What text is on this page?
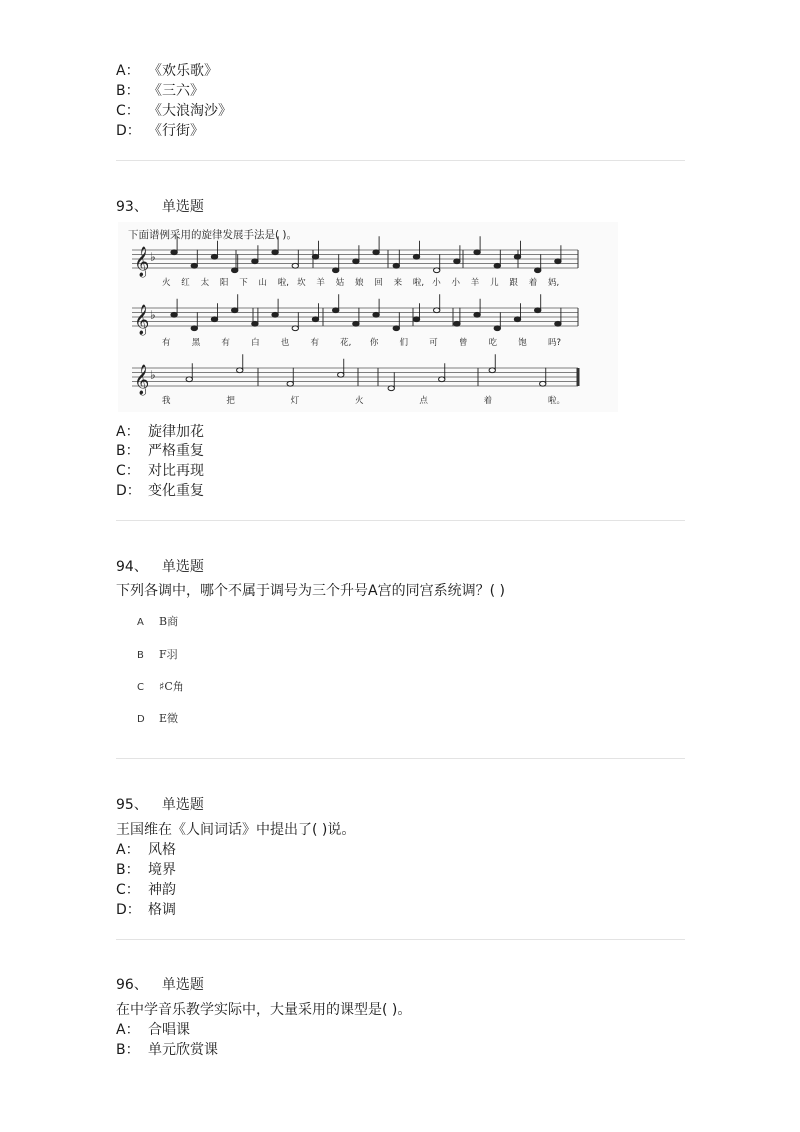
A： 《欢乐歌》
B： 《三六》
C： 《大浪淘沙》
D： 《行街》
93、 单选题
下面谱例采用的旋律发展手法是( )。
𝄞 ♭
𝄞 ♭
𝄞 ♭
火 红 太 阳 下 山 啦, 坎 羊 姑 娘 回 来 啦, 小 小 羊 儿 跟 着 妈,
有 黑 有 白 也 有 花, 你 们 可 曾 吃 饱 吗?
我	把	灯	火	点	着	啦。
A： 旋律加花
B： 严格重复
C： 对比再现
D： 变化重复
94、 单选题
下列各调中，哪个不属于调号为三个升号A宫的同宫系统调？( )
A B商
B F羽
C ♯C角
D E徵
95、 单选题
王国维在《人间词话》中提出了( )说。
A： 风格
B： 境界
C： 神韵
D： 格调
96、 单选题
在中学音乐教学实际中，大量采用的课型是( )。
A： 合唱课
B： 单元欣赏课
